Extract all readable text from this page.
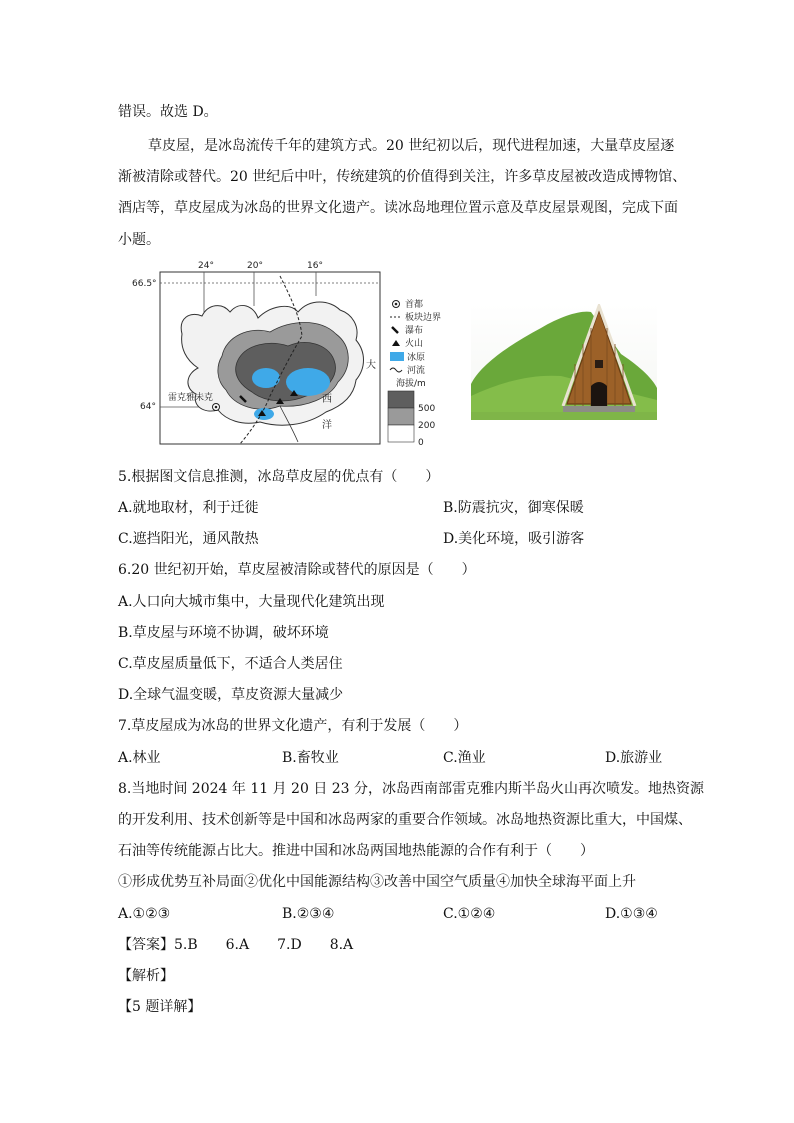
错误。故选 D。
草皮屋，是冰岛流传千年的建筑方式。20 世纪初以后，现代进程加速，大量草皮屋逐
渐被清除或替代。20 世纪后中叶，传统建筑的价值得到关注，许多草皮屋被改造成博物馆、
酒店等，草皮屋成为冰岛的世界文化遗产。读冰岛地理位置示意及草皮屋景观图，完成下面
小题。
24°	20°	16°
66.5°
64°
雷克雅未克
大
西
洋
首都
板块边界
瀑布
火山
冰原
河流
海拔/m
500
200
0
5.根据图文信息推测，冰岛草皮屋的优点有（　　）
A.就地取材，利于迁徙	B.防震抗灾，御寒保暖
C.遮挡阳光，通风散热	D.美化环境，吸引游客
6.20 世纪初开始，草皮屋被清除或替代的原因是（　　）
A.人口向大城市集中，大量现代化建筑出现
B.草皮屋与环境不协调，破坏环境
C.草皮屋质量低下，不适合人类居住
D.全球气温变暖，草皮资源大量减少
7.草皮屋成为冰岛的世界文化遗产，有利于发展（　　）
A.林业	B.畜牧业	C.渔业	D.旅游业
8.当地时间 2024 年 11 月 20 日 23 分，冰岛西南部雷克雅内斯半岛火山再次喷发。地热资源
的开发利用、技术创新等是中国和冰岛两家的重要合作领域。冰岛地热资源比重大，中国煤、
石油等传统能源占比大。推进中国和冰岛两国地热能源的合作有利于（　　）
①形成优势互补局面②优化中国能源结构③改善中国空气质量④加快全球海平面上升
A.①②③	B.②③④	C.①②④	D.①③④
【答案】5.B　　6.A　　7.D　　8.A
【解析】
【5 题详解】
